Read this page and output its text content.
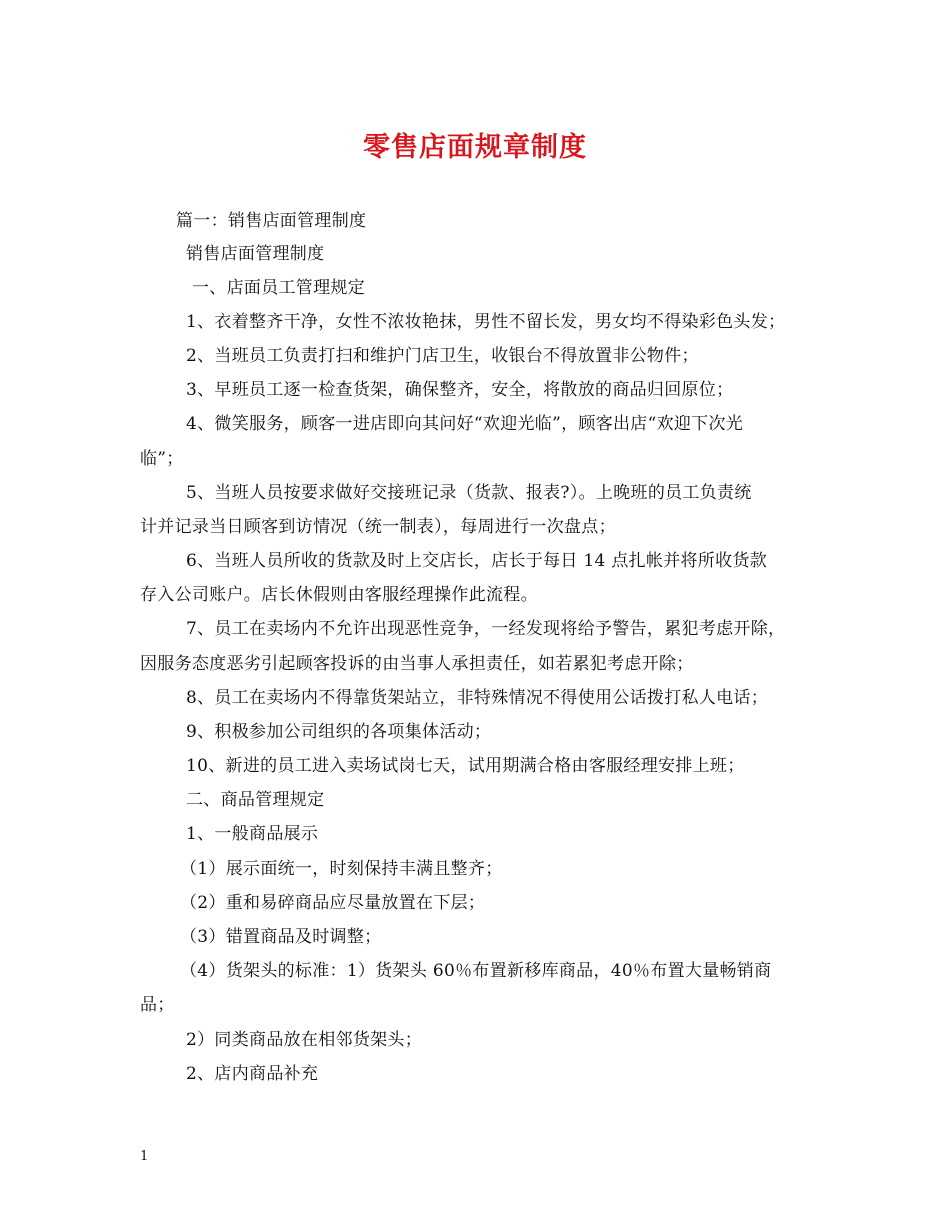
零售店面规章制度
篇一：销售店面管理制度
销售店面管理制度
一、店面员工管理规定
1、衣着整齐干净，女性不浓妆艳抹，男性不留长发，男女均不得染彩色头发；
2、当班员工负责打扫和维护门店卫生，收银台不得放置非公物件；
3、早班员工逐一检查货架，确保整齐，安全，将散放的商品归回原位；
4、微笑服务，顾客一进店即向其问好“欢迎光临”，顾客出店“欢迎下次光
临”；
5、当班人员按要求做好交接班记录（货款、报表?）。上晚班的员工负责统
计并记录当日顾客到访情况（统一制表），每周进行一次盘点；
6、当班人员所收的货款及时上交店长，店长于每日 14 点扎帐并将所收货款
存入公司账户。店长休假则由客服经理操作此流程。
7、员工在卖场内不允许出现恶性竞争，一经发现将给予警告，累犯考虑开除，
因服务态度恶劣引起顾客投诉的由当事人承担责任，如若累犯考虑开除；
8、员工在卖场内不得靠货架站立，非特殊情况不得使用公话拨打私人电话；
9、积极参加公司组织的各项集体活动；
10、新进的员工进入卖场试岗七天，试用期满合格由客服经理安排上班；
二、商品管理规定
1、一般商品展示
（1）展示面统一，时刻保持丰满且整齐；
（2）重和易碎商品应尽量放置在下层；
（3）错置商品及时调整；
（4）货架头的标准：1）货架头 60％布置新移库商品，40％布置大量畅销商
品；
2）同类商品放在相邻货架头；
2、店内商品补充
1
